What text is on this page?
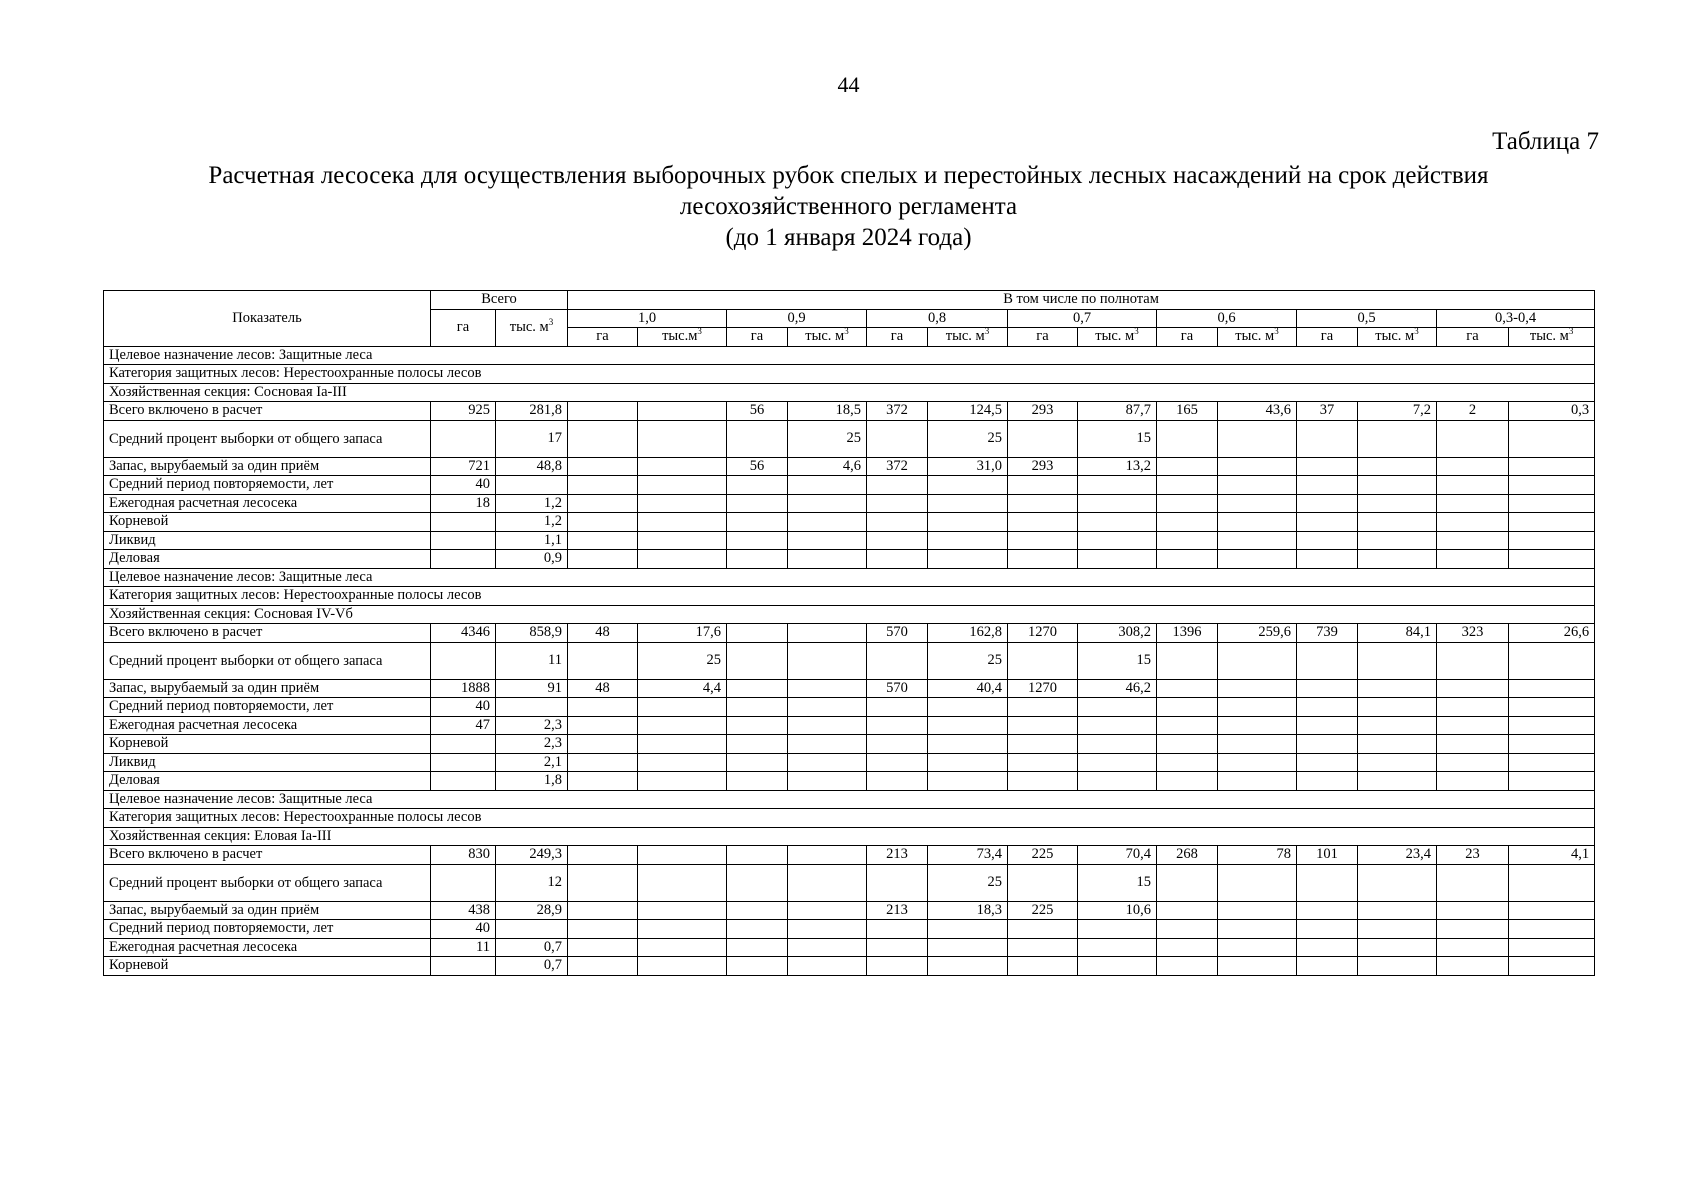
44
Таблица 7
Расчетная лесосека для осуществления выборочных рубок спелых и перестойных лесных насаждений на срок действия
лесохозяйственного регламента
(до 1 января 2024 года)
Показатель	Всего		В том числе по полнотам													
	га	тыс. $м^3$	1,0		0,9		0,8		0,7		0,6		0,5		0,3-0,4	
			га	$тыс.м^3$	га	тыс. $м^3$	га	тыс. $м^3$	га	тыс. $м^3$	га	тыс. $м^3$	га	тыс. $м^3$	га	тыс. $м^3$
Целевое назначение лесов: Защитные леса																
Категория защитных лесов: Нерестоохранные полосы лесов																
Хозяйственная секция: Сосновая Ia-III																
Всего включено в расчет	925	281,8			56	18,5	372	124,5	293	87,7	165	43,6	37	7,2	2	0,3
Средний процент выборки от общего запаса		17				25		25		15						
Запас, вырубаемый за один приём	721	48,8			56	4,6	372	31,0	293	13,2						
Средний период повторяемости, лет	40															
Ежегодная расчетная лесосека	18	1,2														
Корневой		1,2														
Ликвид		1,1														
Деловая		0,9														
Целевое назначение лесов: Защитные леса																
Категория защитных лесов: Нерестоохранные полосы лесов																
Хозяйственная секция: Сосновая IV-Vб																
Всего включено в расчет	4346	858,9	48	17,6			570	162,8	1270	308,2	1396	259,6	739	84,1	323	26,6
Средний процент выборки от общего запаса		11		25				25		15						
Запас, вырубаемый за один приём	1888	91	48	4,4			570	40,4	1270	46,2						
Средний период повторяемости, лет	40															
Ежегодная расчетная лесосека	47	2,3														
Корневой		2,3														
Ликвид		2,1														
Деловая		1,8														
Целевое назначение лесов: Защитные леса																
Категория защитных лесов: Нерестоохранные полосы лесов																
Хозяйственная секция: Еловая Ia-III																
Всего включено в расчет	830	249,3					213	73,4	225	70,4	268	78	101	23,4	23	4,1
Средний процент выборки от общего запаса		12						25		15						
Запас, вырубаемый за один приём	438	28,9					213	18,3	225	10,6						
Средний период повторяемости, лет	40															
Ежегодная расчетная лесосека	11	0,7														
Корневой		0,7														
